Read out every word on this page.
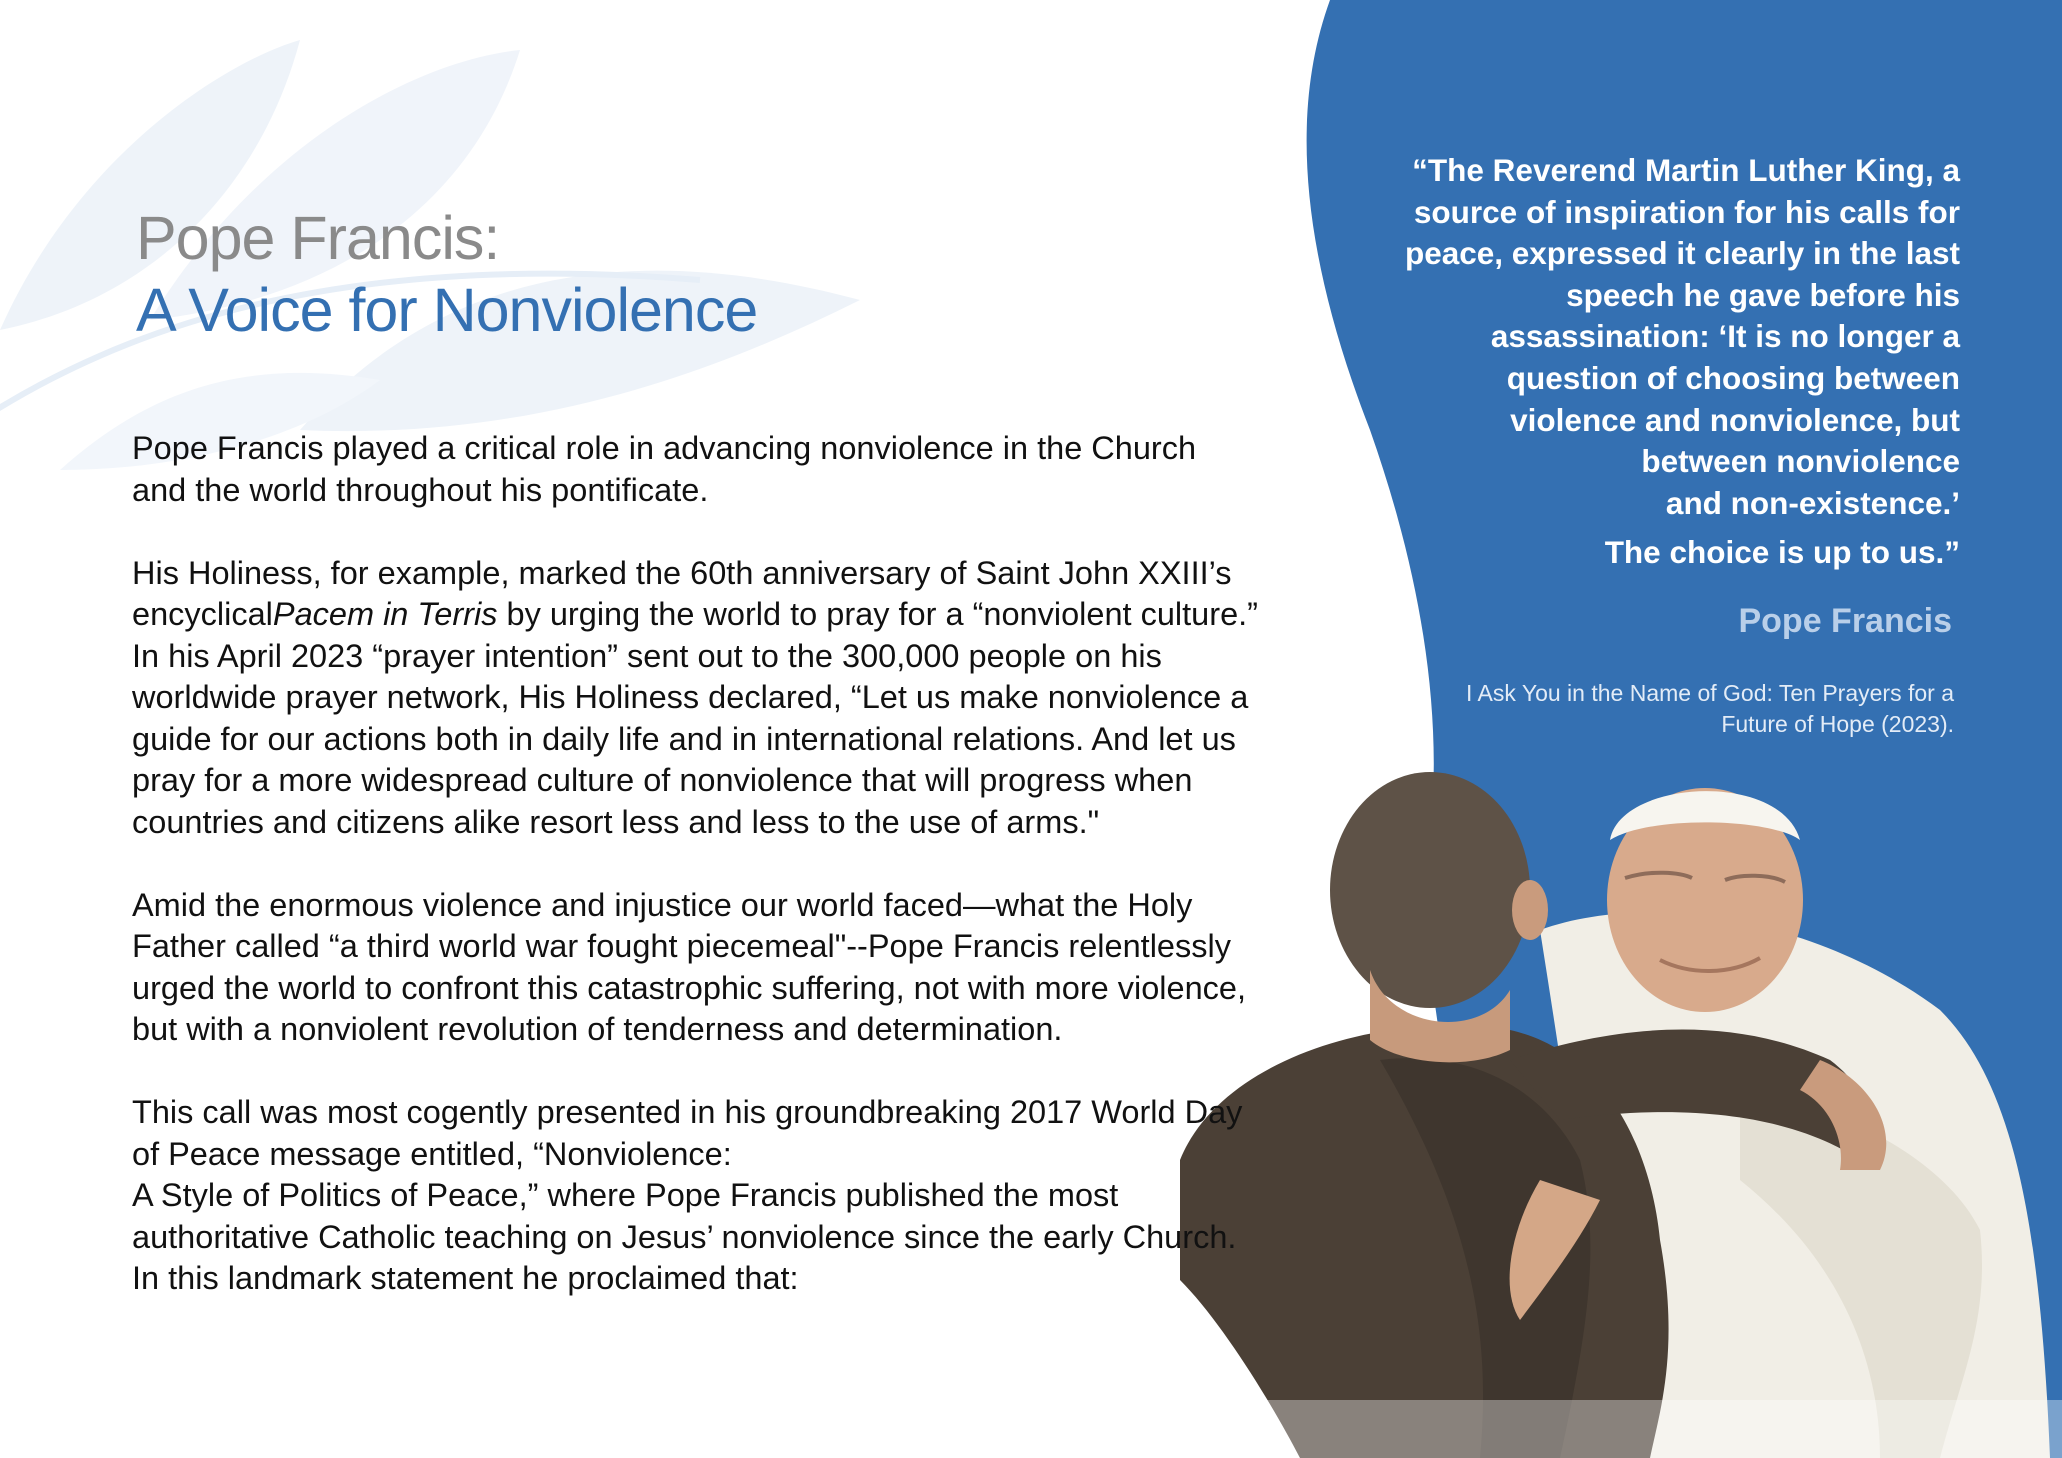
Pope Francis:
A Voice for Nonviolence

Pope Francis played a critical role in advancing nonviolence in the Church and the world throughout his pontificate.

His Holiness, for example, marked the 60th anniversary of Saint John XXIII’s encyclicalPacem in Terris by urging the world to pray for a “nonviolent culture.” In his April 2023 “prayer intention” sent out to the 300,000 people on his worldwide prayer network, His Holiness declared, “Let us make nonviolence a guide for our actions both in daily life and in international relations. And let us pray for a more widespread culture of nonviolence that will progress when countries and citizens alike resort less and less to the use of arms."

Amid the enormous violence and injustice our world faced—what the Holy Father called “a third world war fought piecemeal"--Pope Francis relentlessly urged the world to confront this catastrophic suffering, not with more violence, but with a nonviolent revolution of tenderness and determination.

This call was most cogently presented in his groundbreaking 2017 World Day of Peace message entitled, “Nonviolence:
A Style of Politics of Peace,” where Pope Francis published the most authoritative Catholic teaching on Jesus’ nonviolence since the early Church. In this landmark statement he proclaimed that:

“The Reverend Martin Luther King, a
source of inspiration for his calls for
peace, expressed it clearly in the last
speech he gave before his
assassination: ‘It is no longer a
question of choosing between
violence and nonviolence, but
between nonviolence
and non-existence.’
The choice is up to us.”
Pope Francis
I Ask You in the Name of God: Ten Prayers for a Future of Hope (2023).
